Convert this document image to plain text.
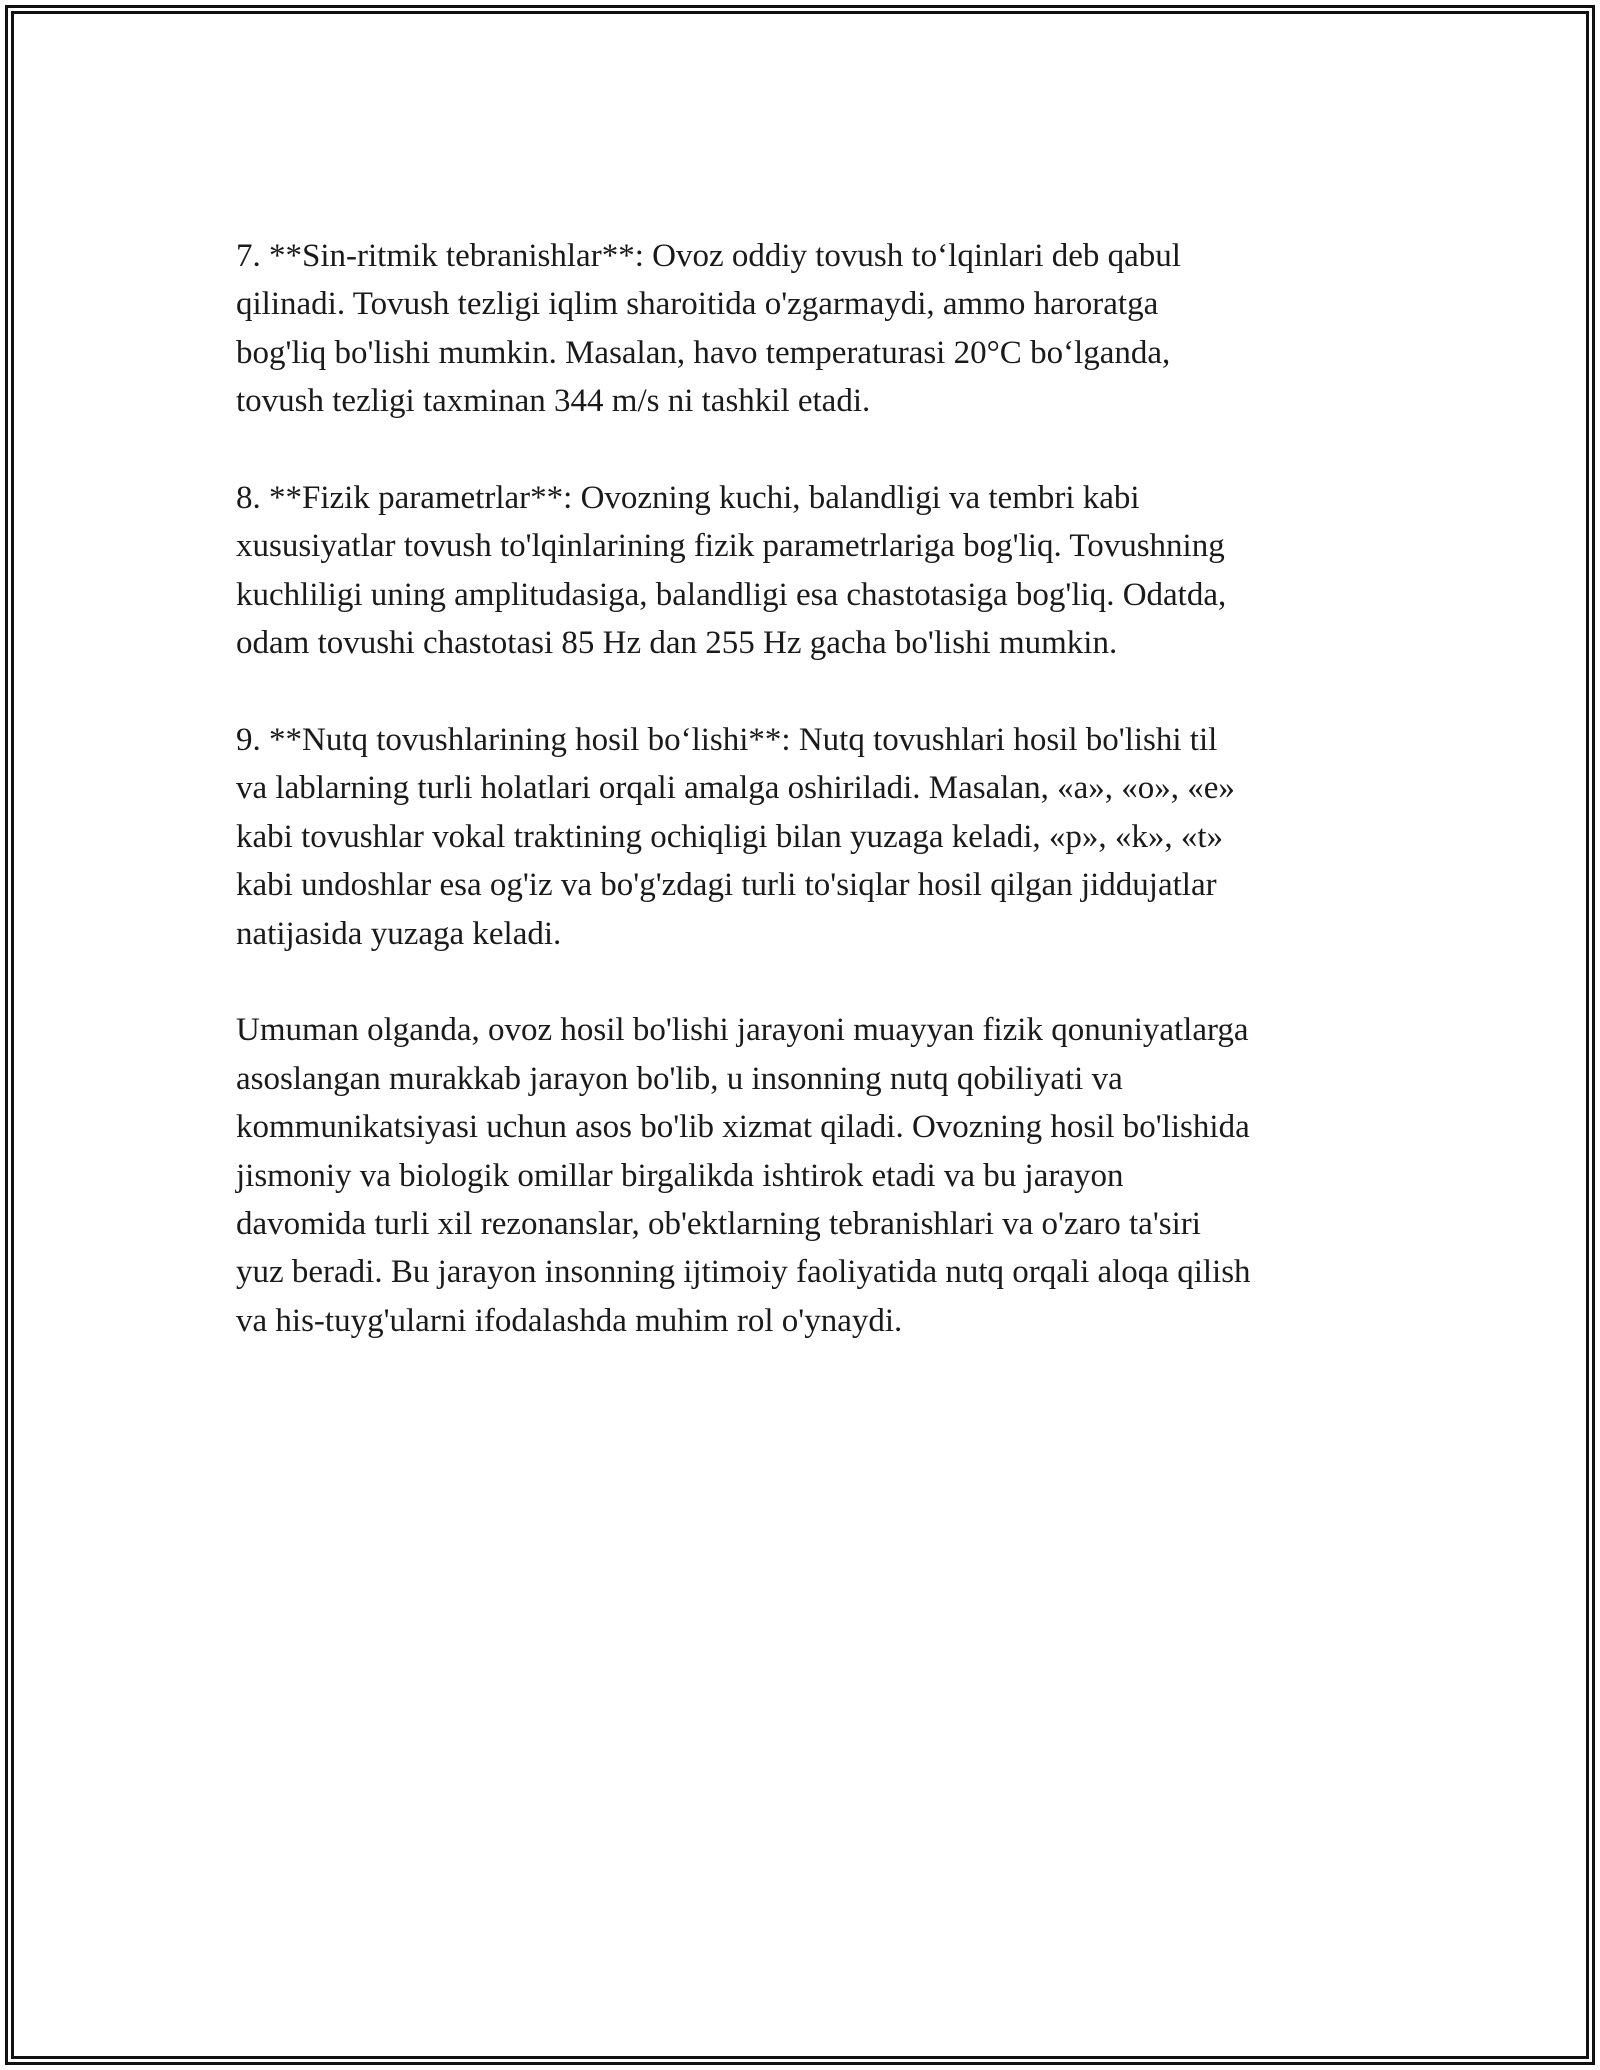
7. **Sin-ritmik tebranishlar**: Ovoz oddiy tovush to‘lqinlari deb qabul
qilinadi. Tovush tezligi iqlim sharoitida o'zgarmaydi, ammo haroratga
bog'liq bo'lishi mumkin. Masalan, havo temperaturasi 20°C bo‘lganda,
tovush tezligi taxminan 344 m/s ni tashkil etadi.

8. **Fizik parametrlar**: Ovozning kuchi, balandligi va tembri kabi
xususiyatlar tovush to'lqinlarining fizik parametrlariga bog'liq. Tovushning
kuchliligi uning amplitudasiga, balandligi esa chastotasiga bog'liq. Odatda,
odam tovushi chastotasi 85 Hz dan 255 Hz gacha bo'lishi mumkin.

9. **Nutq tovushlarining hosil bo‘lishi**: Nutq tovushlari hosil bo'lishi til
va lablarning turli holatlari orqali amalga oshiriladi. Masalan, «a», «o», «e»
kabi tovushlar vokal traktining ochiqligi bilan yuzaga keladi, «p», «k», «t»
kabi undoshlar esa og'iz va bo'g'zdagi turli to'siqlar hosil qilgan jiddujatlar
natijasida yuzaga keladi.

Umuman olganda, ovoz hosil bo'lishi jarayoni muayyan fizik qonuniyatlarga
asoslangan murakkab jarayon bo'lib, u insonning nutq qobiliyati va
kommunikatsiyasi uchun asos bo'lib xizmat qiladi. Ovozning hosil bo'lishida
jismoniy va biologik omillar birgalikda ishtirok etadi va bu jarayon
davomida turli xil rezonanslar, ob'ektlarning tebranishlari va o'zaro ta'siri
yuz beradi. Bu jarayon insonning ijtimoiy faoliyatida nutq orqali aloqa qilish
va his-tuyg'ularni ifodalashda muhim rol o'ynaydi.
